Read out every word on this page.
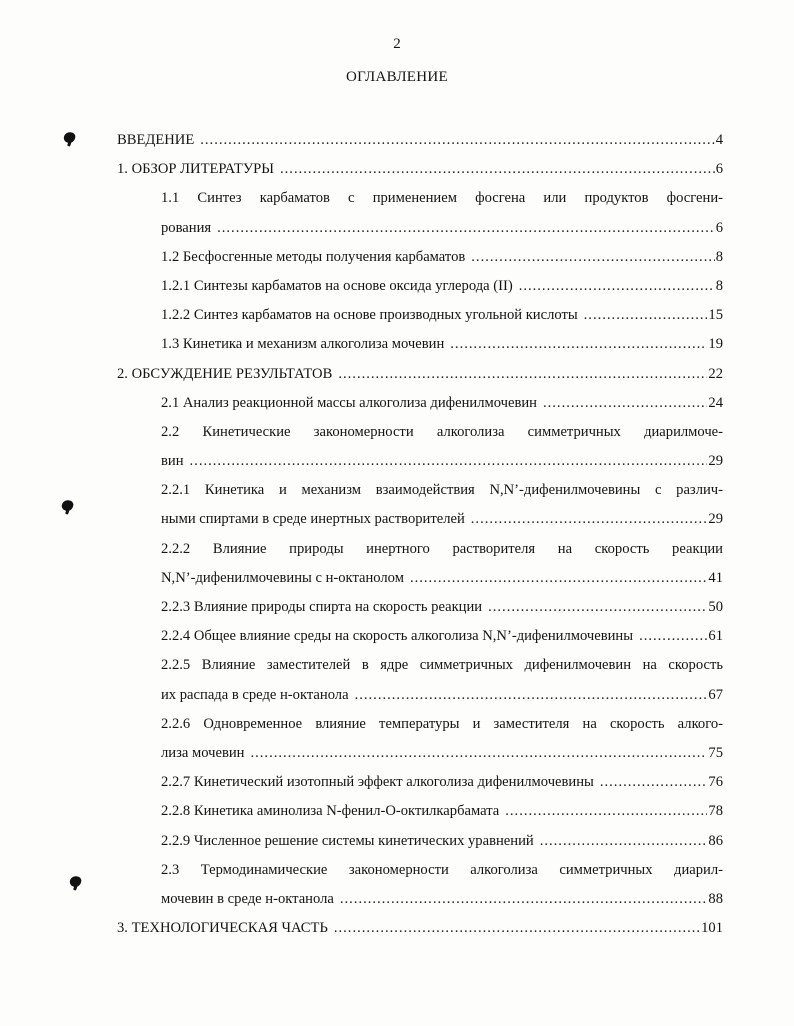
2
ОГЛАВЛЕНИЕ
ВВЕДЕНИЕ .....	4
1. ОБЗОР ЛИТЕРАТУРЫ .....	6
1.1 Синтез карбаматов с применением фосгена или продуктов фосгени-
рования .....	6
1.2 Бесфосгенные методы получения карбаматов .....	8
1.2.1 Синтезы карбаматов на основе оксида углерода (II) .....	8
1.2.2 Синтез карбаматов на основе производных угольной кислоты .....	15
1.3 Кинетика и механизм алкоголиза мочевин .....	19
2. ОБСУЖДЕНИЕ РЕЗУЛЬТАТОВ .....	22
2.1 Анализ реакционной массы алкоголиза дифенилмочевин .....	24
2.2 Кинетические закономерности алкоголиза симметричных диарилмоче-
вин .....	29
2.2.1 Кинетика и механизм взаимодействия N,N’-дифенилмочевины с различ-
ными спиртами в среде инертных растворителей .....	29
2.2.2 Влияние природы инертного растворителя на скорость реакции
N,N’-дифенилмочевины с н-октанолом .....	41
2.2.3 Влияние природы спирта на скорость реакции .....	50
2.2.4 Общее влияние среды на скорость алкоголиза N,N’-дифенилмочевины .....	61
2.2.5 Влияние заместителей в ядре симметричных дифенилмочевин на скорость
их распада в среде н-октанола .....	67
2.2.6 Одновременное влияние температуры и заместителя на скорость алкого-
лиза мочевин .....	75
2.2.7 Кинетический изотопный эффект алкоголиза дифенилмочевины .....	76
2.2.8 Кинетика аминолиза N-фенил-О-октилкарбамата .....	78
2.2.9 Численное решение системы кинетических уравнений .....	86
2.3 Термодинамические закономерности алкоголиза симметричных диарил-
мочевин в среде н-октанола .....	88
3. ТЕХНОЛОГИЧЕСКАЯ ЧАСТЬ .....	101
